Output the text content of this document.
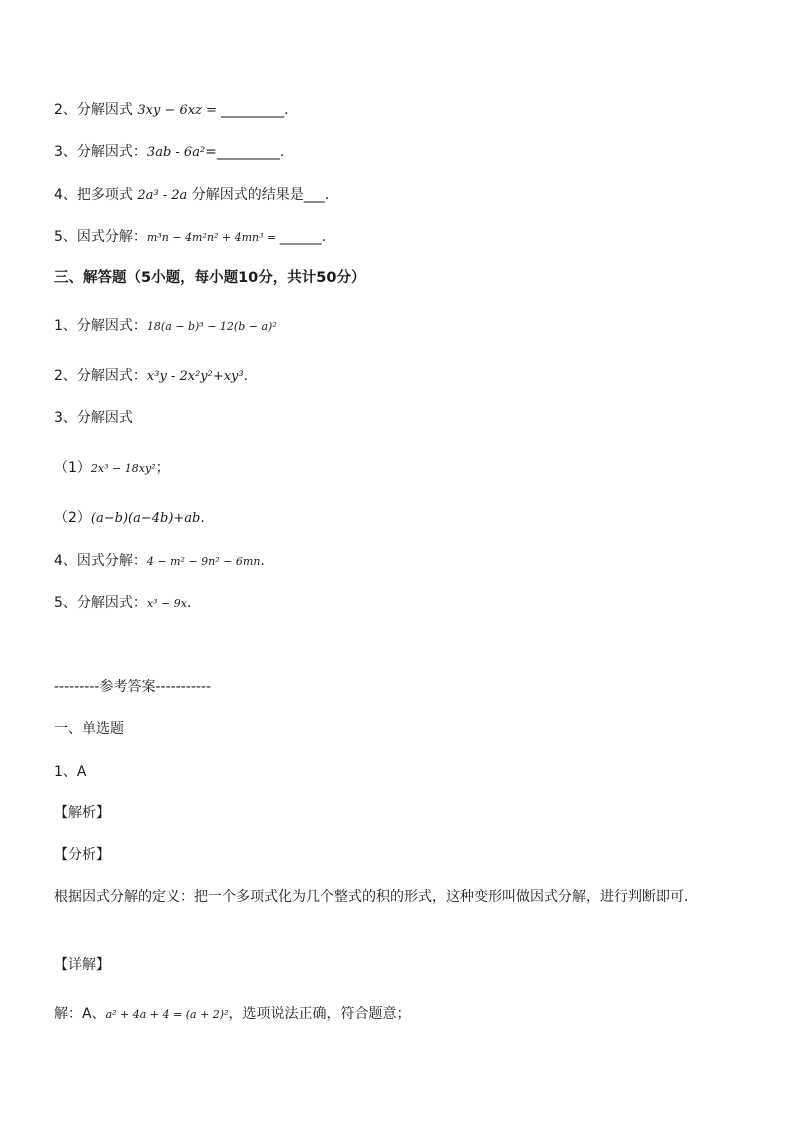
2、分解因式 3xy − 6xz = _________.
3、分解因式：3ab - 6a²=_________.
4、把多项式 2a³ - 2a 分解因式的结果是___.
5、因式分解：m³n − 4m²n² + 4mn³ = ______.
三、解答题（5小题，每小题10分，共计50分）
1、分解因式：18(a − b)³ − 12(b − a)²
2、分解因式：x³y - 2x²y²+xy³.
3、分解因式
（1）2x³ − 18xy²；
（2）(a−b)(a−4b)+ab.
4、因式分解：4 − m² − 9n² − 6mn.
5、分解因式：x³ − 9x.
---------参考答案-----------
一、单选题
1、A
【解析】
【分析】
根据因式分解的定义：把一个多项式化为几个整式的积的形式，这种变形叫做因式分解，进行判断即可.
【详解】
解：A、a² + 4a + 4 = (a + 2)²，选项说法正确，符合题意；
